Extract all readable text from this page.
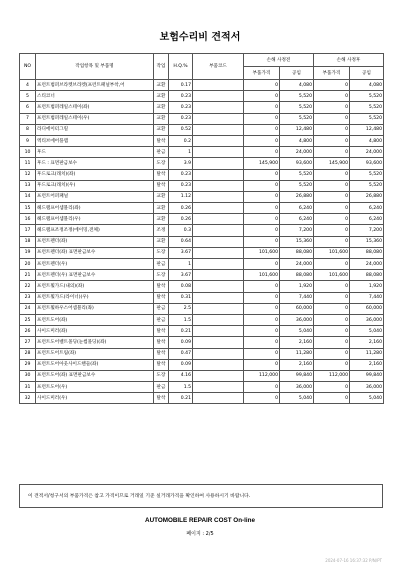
보험수리비 견적서
NO	작업항목 및 부품명	작업	H.Q.%	부품코드	손해 사정전		손해 사정후	
					부품가격	공임	부품가격	공임
4	프런트범퍼브라켓브라켓(프런트패널부착,어	교환	0.17		0	4,080	0	4,080
5	스티코너	교환	0.23		0	5,520	0	5,520
6	프런트범퍼레일스테이(좌)	교환	0.23		0	5,520	0	5,520
7	프런트범퍼레일스테이(우)	교환	0.23		0	5,520	0	5,520
8	라디에이터그릴	교환	0.52		0	12,480	0	12,480
9	엑티브에어플랩	탈착	0.2		0	4,800	0	4,800
10	후드	판금	1		0	24,000	0	24,000
11	후드 : 표면판금보수	도장	3.9		145,900	93,600	145,900	93,600
12	후드로크(래치)(좌)	탈착	0.23		0	5,520	0	5,520
13	후드로크(래치)(우)	탈착	0.23		0	5,520	0	5,520
14	프런트어퍼패널	교환	1.12		0	26,880	0	26,880
15	헤드램프어셈블리(좌)	교환	0.26		0	6,240	0	6,240
16	헤드램프어셈블리(우)	교환	0.26		0	6,240	0	6,240
17	헤드램프조정조정(에이밍,전체)	조정	0.3		0	7,200	0	7,200
18	프런트펜더(좌)	교환	0.64		0	15,360	0	15,360
19	프런트펜더(좌) 표면판금보수	도장	3.67		101,600	88,080	101,600	88,080
20	프런트펜더(우)	판금	1		0	24,000	0	24,000
21	프런트펜더(우) 표면판금보수	도장	3.67		101,600	88,080	101,600	88,080
22	프런트휠가드(내의)(좌)	탈착	0.08		0	1,920	0	1,920
23	프런트휠가드(라이너)(우)	탈착	0.31		0	7,440	0	7,440
24	프런트휠하우스어셈블리(좌)	판금	2.5		0	60,000	0	60,000
25	프런트도어(좌)	판금	1.5		0	36,000	0	36,000
26	사이드미러(좌)	탈착	0.21		0	5,040	0	5,040
27	프런트도어벨트몰딩(눈썹몰딩)(좌)	탈착	0.09		0	2,160	0	2,160
28	프런트도어트림(좌)	탈착	0.47		0	11,280	0	11,280
29	프런트도어아웃사이드핸들(좌)	탈착	0.09		0	2,160	0	2,160
30	프런트도어(좌) 표면판금보수	도장	4.16		112,000	99,840	112,000	99,840
31	프런트도어(우)	판금	1.5		0	36,000	0	36,000
32	사이드미러(우)	탈착	0.21		0	5,040	0	5,040
이 견적서/청구서의 부품가격은 참고 가격이므로 거래일 기준 실거래가격을 확인하여 사용하시기 바랍니다.
AUTOMOBILE REPAIR COST On-line
페이지 : 2/5
2024-07-16 16:37:32 P/N/PT
